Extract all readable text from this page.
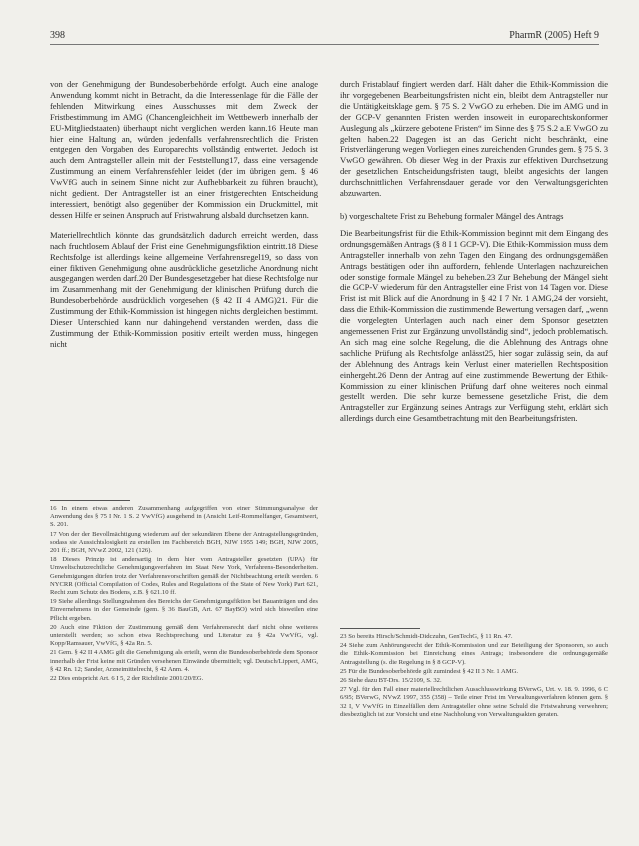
398	PharmR (2005) Heft 9

von der Genehmigung der Bundesoberbehörde erfolgt. Auch eine analoge Anwendung kommt nicht in Betracht, da die Interessenlage für die Fälle der fehlenden Mitwirkung eines Ausschusses mit dem Zweck der Fristbestimmung im AMG (Chancengleichheit im Wettbewerb innerhalb der EU-Mitgliedstaaten) überhaupt nicht verglichen werden kann.16 Heute man hier eine Haltung an, würden jedenfalls verfahrensrechtlich die Fristen entgegen den Vorgaben des Europarechts vollständig entwertet. Jedoch ist auch dem Antragsteller allein mit der Feststellung17, dass eine versagende Zustimmung an einem Verfahrensfehler leidet (der im übrigen gem. § 46 VwVfG auch in seinem Sinne nicht zur Aufhebbarkeit zu führen braucht), nicht gedient. Der Antragsteller ist an einer fristgerechten Entscheidung interessiert, benötigt also gegenüber der Kommission ein Druckmittel, mit dessen Hilfe er seinen Anspruch auf Fristwahrung alsbald durchsetzen kann.

Materiellrechtlich könnte das grundsätzlich dadurch erreicht werden, dass nach fruchtlosem Ablauf der Frist eine Genehmigungsfiktion eintritt.18 Diese Rechtsfolge ist allerdings keine allgemeine Verfahrensregel19, so dass von einer fiktiven Genehmigung ohne ausdrückliche gesetzliche Anordnung nicht ausgegangen werden darf.20 Der Bundesgesetzgeber hat diese Rechtsfolge nur im Zusammenhang mit der Genehmigung der klinischen Prüfung durch die Bundesoberbehörde ausdrücklich vorgesehen (§ 42 II 4 AMG)21. Für die Zustimmung der Ethik-Kommission ist hingegen nichts dergleichen bestimmt. Dieser Unterschied kann nur dahingehend verstanden werden, dass die Zustimmung der Ethik-Kommission positiv erteilt werden muss, hingegen nicht

durch Fristablauf fingiert werden darf. Hält daher die Ethik-Kommission die ihr vorgegebenen Bearbeitungsfristen nicht ein, bleibt dem Antragsteller nur die Untätigkeitsklage gem. § 75 S. 2 VwGO zu erheben. Die im AMG und in der GCP-V genannten Fristen werden insoweit in europarechtskonformer Auslegung als „kürzere gebotene Fristen“ im Sinne des § 75 S.2 a.E VwGO zu gelten haben.22 Dagegen ist an das Gericht nicht beschränkt, eine Fristverlängerung wegen Vorliegen eines zureichenden Grundes gem. § 75 S. 3 VwGO gewähren. Ob dieser Weg in der Praxis zur effektiven Durchsetzung der gesetzlichen Entscheidungsfristen taugt, bleibt angesichts der langen durchschnittlichen Verfahrensdauer gerade vor den Verwaltungsgerichten abzuwarten.

b) vorgeschaltete Frist zu Behebung formaler Mängel des Antrags

Die Bearbeitungsfrist für die Ethik-Kommission beginnt mit dem Eingang des ordnungsgemäßen Antrags (§ 8 I 1 GCP-V). Die Ethik-Kommission muss dem Antragsteller innerhalb von zehn Tagen den Eingang des ordnungsgemäßen Antrags bestätigen oder ihn auffordern, fehlende Unterlagen nachzureichen oder sonstige formale Mängel zu beheben.23 Zur Behebung der Mängel sieht die GCP-V wiederum für den Antragsteller eine Frist von 14 Tagen vor. Diese Frist ist mit Blick auf die Anordnung in § 42 I 7 Nr. 1 AMG,24 der vorsieht, dass die Ethik-Kommission die zustimmende Bewertung versagen darf, „wenn die vorgelegten Unterlagen auch nach einer dem Sponsor gesetzten angemessenen Frist zur Ergänzung unvollständig sind“, jedoch problematisch. An sich mag eine solche Regelung, die die Ablehnung des Antrags ohne sachliche Prüfung als Rechtsfolge anlässt25, hier sogar zulässig sein, da auf der Ablehnung des Antrags kein Verlust einer materiellen Rechtsposition einhergeht.26 Denn der Antrag auf eine zustimmende Bewertung der Ethik-Kommission zu einer klinischen Prüfung darf ohne weiteres noch einmal gestellt werden. Die sehr kurze bemessene gesetzliche Frist, die dem Antragsteller zur Ergänzung seines Antrags zur Verfügung steht, erklärt sich allerdings durch eine Gesamtbetrachtung mit den Bearbeitungsfristen.

16 In einem etwas anderen Zusammenhang aufgegriffen von einer Stimmungsanalyse der Anwendung des § 75 I Nr. 1 S. 2 VwVfG) ausgehend in (Ansicht Leif-Rommelfanger, Gesamtwert, S. 201.
17 Von der der Bevollmächtigung wiederum auf der sekundären Ebene der Antragstellungsgründen, sodass sie Aussichtslosigkeit zu erstellen im Fachbereich BGH, NJW 1955 149; BGH, NJW 2005, 201 ff.; BGH, NVwZ 2002, 121 (126).
18 Dieses Prinzip ist andersartig in dem hier vom Antragsteller gesetzten (UPA) für Umweltschutzrechtliche Genehmigungsverfahren im Staat New York, Verfahrens-Besonderheiten. Genehmigungen dürfen trotz der Verfahrensvorschriften gemäß der Nichtbeachtung erteilt werden. 6 NYCRR (Official Compilation of Codes, Rules and Regulations of the State of New York) Part 621, Recht zum Schutz des Bodens, z.B. § 621.10 ff.
19 Siehe allerdings Stellungnahmen des Bereichs der Genehmigungsfiktion bei Bauanträgen und des Einvernehmens in der Gemeinde (gem. § 36 BauGB, Art. 67 BayBO) wird sich bisweilen eine Pflicht ergeben.
20 Auch eine Fiktion der Zustimmung gemäß dem Verfahrensrecht darf nicht ohne weiteres unterstellt werden; so schon etwa Rechtsprechung und Literatur zu § 42a VwVfG, vgl. Kopp/Ramsauer, VwVfG, § 42a Rn. 5.
21 Gem. § 42 II 4 AMG gilt die Genehmigung als erteilt, wenn die Bundesoberbehörde dem Sponsor innerhalb der Frist keine mit Gründen versehenen Einwände übermittelt; vgl. Deutsch/Lippert, AMG, § 42 Rn. 12; Sander, Arzneimittelrecht, § 42 Anm. 4.
22 Dies entspricht Art. 6 I 5, 2 der Richtlinie 2001/20/EG.
23 So bereits Hirsch/Schmidt-Didczuhn, GenTechG, § 11 Rn. 47.
24 Siehe zum Anhörungsrecht der Ethik-Kommission und zur Beteiligung der Sponsoren, so auch die Ethik-Kommission bei Einreichung eines Antrags; insbesondere die ordnungsgemäße Antragstellung (s. die Regelung in § 8 GCP-V).
25 Für die Bundesoberbehörde gilt zumindest § 42 II 3 Nr. 1 AMG.
26 Siehe dazu BT-Drs. 15/2109, S. 32.
27 Vgl. für den Fall einer materiellrechtlichen Ausschlusswirkung BVerwG, Urt. v. 18. 9. 1996, 6 C 6/95; BVerwG, NVwZ 1997, 355 (358) – Teile einer Frist im Verwaltungsverfahren können gem. § 32 I, V VwVfG in Einzelfällen dem Antragsteller ohne seine Schuld die Fristwahrung verwehren; diesbezüglich ist zur Vorsicht und eine Nachholung von Verwaltungsakten geraten.
